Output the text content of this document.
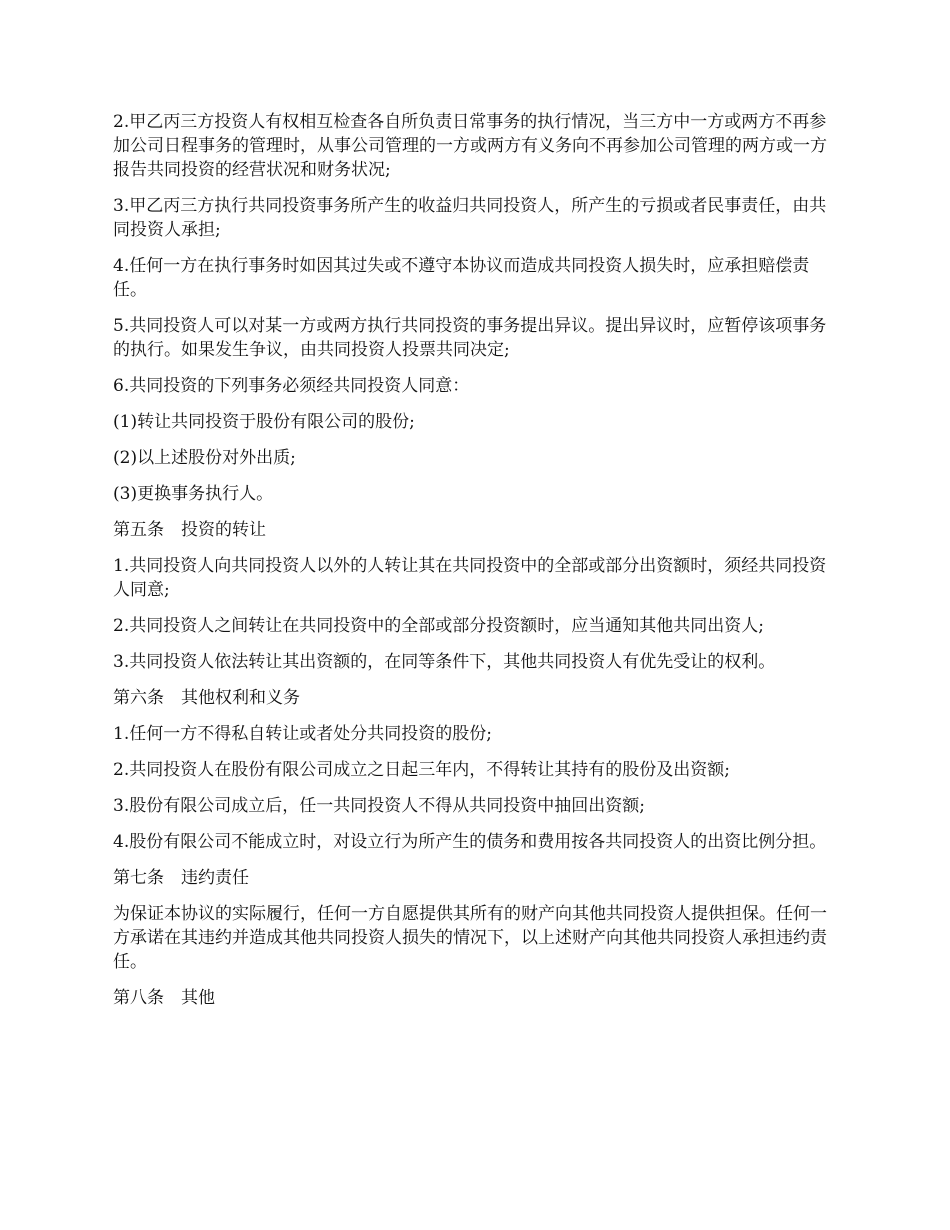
2.甲乙丙三方投资人有权相互检查各自所负责日常事务的执行情况，当三方中一方或两方不再参加公司日程事务的管理时，从事公司管理的一方或两方有义务向不再参加公司管理的两方或一方报告共同投资的经营状况和财务状况;

3.甲乙丙三方执行共同投资事务所产生的收益归共同投资人，所产生的亏损或者民事责任，由共同投资人承担;

4.任何一方在执行事务时如因其过失或不遵守本协议而造成共同投资人损失时，应承担赔偿责任。

5.共同投资人可以对某一方或两方执行共同投资的事务提出异议。提出异议时，应暂停该项事务的执行。如果发生争议，由共同投资人投票共同决定;

6.共同投资的下列事务必须经共同投资人同意：

(1)转让共同投资于股份有限公司的股份;

(2)以上述股份对外出质;

(3)更换事务执行人。

第五条　投资的转让

1.共同投资人向共同投资人以外的人转让其在共同投资中的全部或部分出资额时，须经共同投资人同意;

2.共同投资人之间转让在共同投资中的全部或部分投资额时，应当通知其他共同出资人;

3.共同投资人依法转让其出资额的，在同等条件下，其他共同投资人有优先受让的权利。

第六条　其他权利和义务

1.任何一方不得私自转让或者处分共同投资的股份;

2.共同投资人在股份有限公司成立之日起三年内，不得转让其持有的股份及出资额;

3.股份有限公司成立后，任一共同投资人不得从共同投资中抽回出资额;

4.股份有限公司不能成立时，对设立行为所产生的债务和费用按各共同投资人的出资比例分担。

第七条　违约责任

为保证本协议的实际履行，任何一方自愿提供其所有的财产向其他共同投资人提供担保。任何一方承诺在其违约并造成其他共同投资人损失的情况下，以上述财产向其他共同投资人承担违约责任。

第八条　其他
